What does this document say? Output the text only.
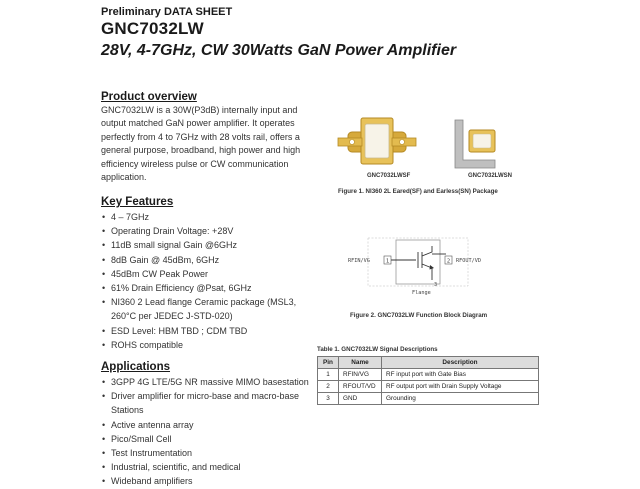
Preliminary DATA SHEET
GNC7032LW
28V, 4-7GHz, CW 30Watts GaN Power Amplifier
Product overview
GNC7032LW is a 30W(P3dB) internally input and output matched GaN power amplifier. It operates perfectly from 4 to 7GHz with 28 volts rail, offers a general purpose, broadband, high power and high efficiency wireless pulse or CW communication application.
Key Features
• 4 – 7GHz
• Operating Drain Voltage: +28V
• 11dB small signal Gain @6GHz
• 8dB Gain @ 45dBm, 6GHz
• 45dBm CW Peak Power
• 61% Drain Efficiency @Psat, 6GHz
• NI360 2 Lead flange Ceramic package (MSL3, 260°C per JEDEC J-STD-020)
• ESD Level: HBM TBD ; CDM TBD
• ROHS compatible
Applications
• 3GPP 4G LTE/5G NR massive MIMO basestation
• Driver amplifier for micro-base and macro-base Stations
• Active antenna array
• Pico/Small Cell
• Test Instrumentation
• Industrial, scientific, and medical
• Wideband amplifiers
GNC7032LWSF	GNC7032LWSN
Figure 1. NI360 2L Eared(SF) and Earless(SN) Package
1	2
3
RFIN/VG	RFOUT/VD
Flange
Figure 2. GNC7032LW Function Block Diagram
Table 1. GNC7032LW Signal Descriptions
Pin	Name	Description
1	RFIN/VG	RF input port with Gate Bias
2	RFOUT/VD	RF output port with Drain Supply Voltage
3	GND	Grounding
